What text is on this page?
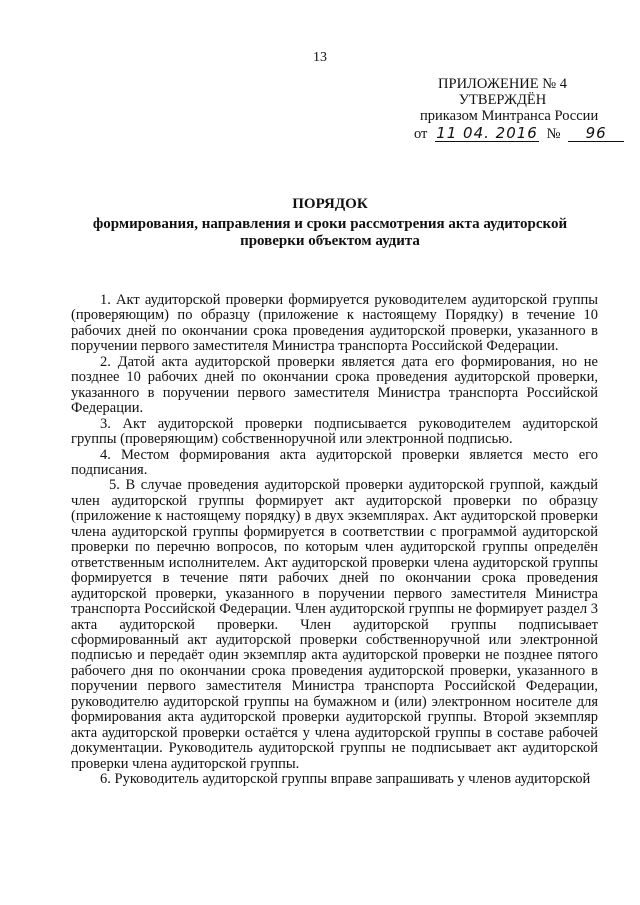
13
ПРИЛОЖЕНИЕ № 4
УТВЕРЖДЁН
приказом Минтранса России
от 11 04. 2016 № 96
ПОРЯДОК
формирования, направления и сроки рассмотрения акта аудиторской проверки объектом аудита

1. Акт аудиторской проверки формируется руководителем аудиторской группы (проверяющим) по образцу (приложение к настоящему Порядку) в течение 10 рабочих дней по окончании срока проведения аудиторской проверки, указанного в поручении первого заместителя Министра транспорта Российской Федерации.

2. Датой акта аудиторской проверки является дата его формирования, но не позднее 10 рабочих дней по окончании срока проведения аудиторской проверки, указанного в поручении первого заместителя Министра транспорта Российской Федерации.

3. Акт аудиторской проверки подписывается руководителем аудиторской группы (проверяющим) собственноручной или электронной подписью.

4. Местом формирования акта аудиторской проверки является место его подписания.

5. В случае проведения аудиторской проверки аудиторской группой, каждый член аудиторской группы формирует акт аудиторской проверки по образцу (приложение к настоящему порядку) в двух экземплярах. Акт аудиторской проверки члена аудиторской группы формируется в соответствии с программой аудиторской проверки по перечню вопросов, по которым член аудиторской группы определён ответственным исполнителем. Акт аудиторской проверки члена аудиторской группы формируется в течение пяти рабочих дней по окончании срока проведения аудиторской проверки, указанного в поручении первого заместителя Министра транспорта Российской Федерации. Член аудиторской группы не формирует раздел 3 акта аудиторской проверки. Член аудиторской группы подписывает сформированный акт аудиторской проверки собственноручной или электронной подписью и передаёт один экземпляр акта аудиторской проверки не позднее пятого рабочего дня по окончании срока проведения аудиторской проверки, указанного в поручении первого заместителя Министра транспорта Российской Федерации, руководителю аудиторской группы на бумажном и (или) электронном носителе для формирования акта аудиторской проверки аудиторской группы. Второй экземпляр акта аудиторской проверки остаётся у члена аудиторской группы в составе рабочей документации. Руководитель аудиторской группы не подписывает акт аудиторской проверки члена аудиторской группы.

6. Руководитель аудиторской группы вправе запрашивать у членов аудиторской
